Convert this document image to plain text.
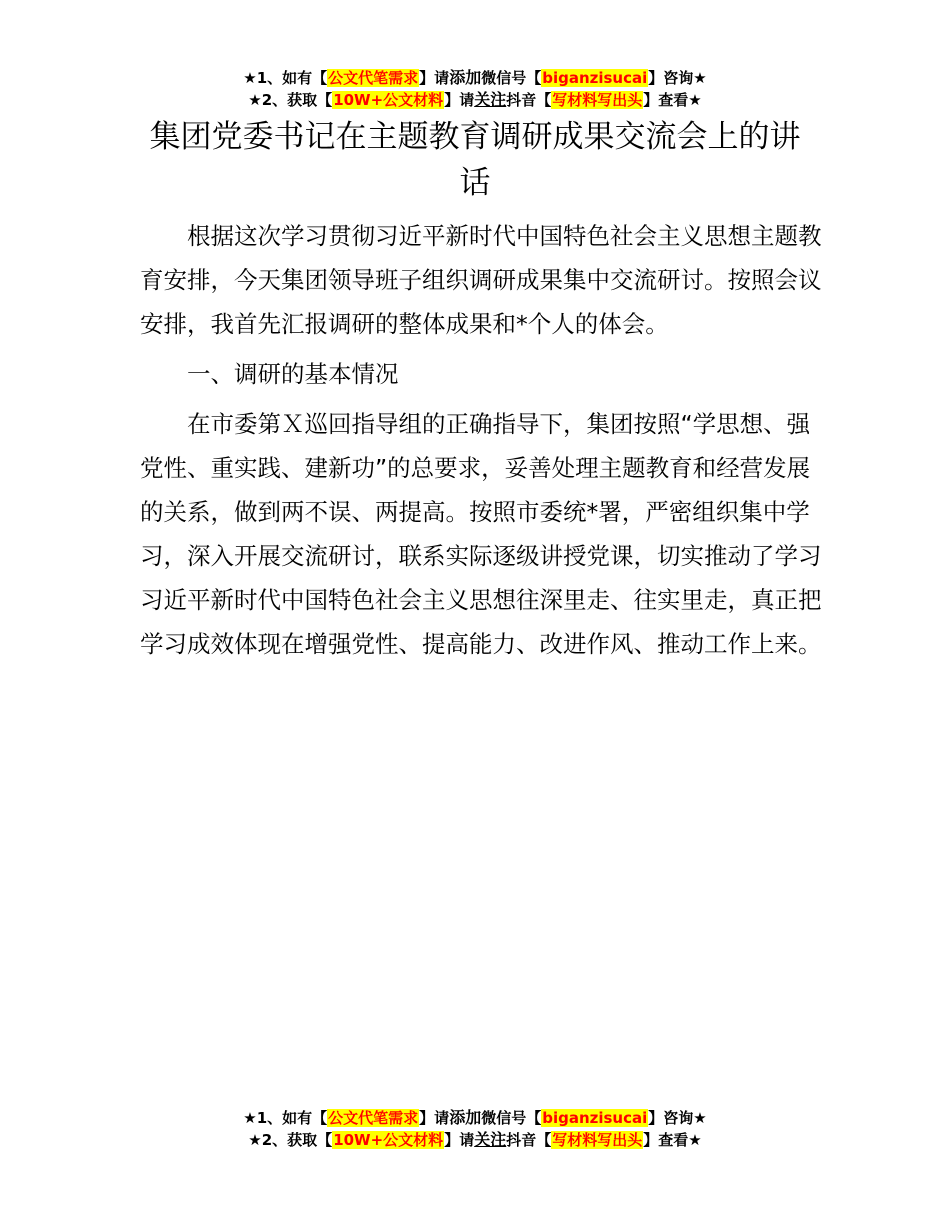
★1、如有【公文代笔需求】请添加微信号【biganzisucai】咨询★
★2、获取【10W+公文材料】请关注抖音【写材料写出头】查看★
集团党委书记在主题教育调研成果交流会上的讲话

根据这次学习贯彻习近平新时代中国特色社会主义思想主题教育安排，今天集团领导班子组织调研成果集中交流研讨。按照会议安排，我首先汇报调研的整体成果和*个人的体会。

一、调研的基本情况

在市委第Ｘ巡回指导组的正确指导下，集团按照“学思想、强党性、重实践、建新功”的总要求，妥善处理主题教育和经营发展的关系，做到两不误、两提高。按照市委统*署，严密组织集中学习，深入开展交流研讨，联系实际逐级讲授党课，切实推动了学习习近平新时代中国特色社会主义思想往深里走、往实里走，真正把学习成效体现在增强党性、提高能力、改进作风、推动工作上来。

★1、如有【公文代笔需求】请添加微信号【biganzisucai】咨询★
★2、获取【10W+公文材料】请关注抖音【写材料写出头】查看★
